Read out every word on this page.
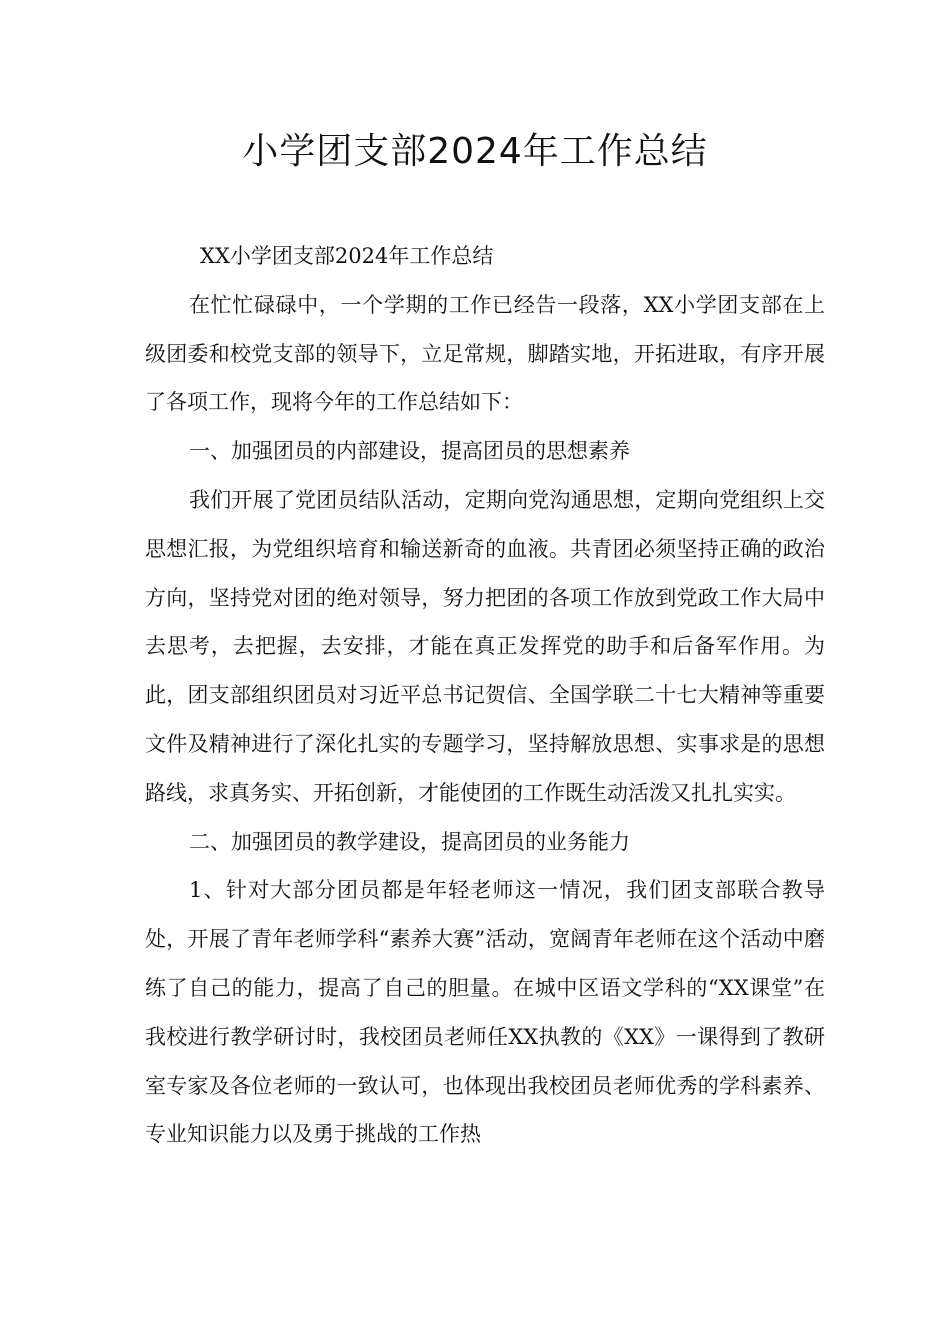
小学团支部2024年工作总结

XX小学团支部2024年工作总结

在忙忙碌碌中，一个学期的工作已经告一段落，XX小学团支部在上级团委和校党支部的领导下，立足常规，脚踏实地，开拓进取，有序开展了各项工作，现将今年的工作总结如下：

一、加强团员的内部建设，提高团员的思想素养

我们开展了党团员结队活动，定期向党沟通思想，定期向党组织上交思想汇报，为党组织培育和输送新奇的血液。共青团必须坚持正确的政治方向，坚持党对团的绝对领导，努力把团的各项工作放到党政工作大局中去思考，去把握，去安排，才能在真正发挥党的助手和后备军作用。为此，团支部组织团员对习近平总书记贺信、全国学联二十七大精神等重要文件及精神进行了深化扎实的专题学习，坚持解放思想、实事求是的思想路线，求真务实、开拓创新，才能使团的工作既生动活泼又扎扎实实。

二、加强团员的教学建设，提高团员的业务能力

1、针对大部分团员都是年轻老师这一情况，我们团支部联合教导处，开展了青年老师学科“素养大赛”活动，宽阔青年老师在这个活动中磨练了自己的能力，提高了自己的胆量。在城中区语文学科的“XX课堂”在我校进行教学研讨时，我校团员老师任XX执教的《XX》一课得到了教研室专家及各位老师的一致认可，也体现出我校团员老师优秀的学科素养、专业知识能力以及勇于挑战的工作热
